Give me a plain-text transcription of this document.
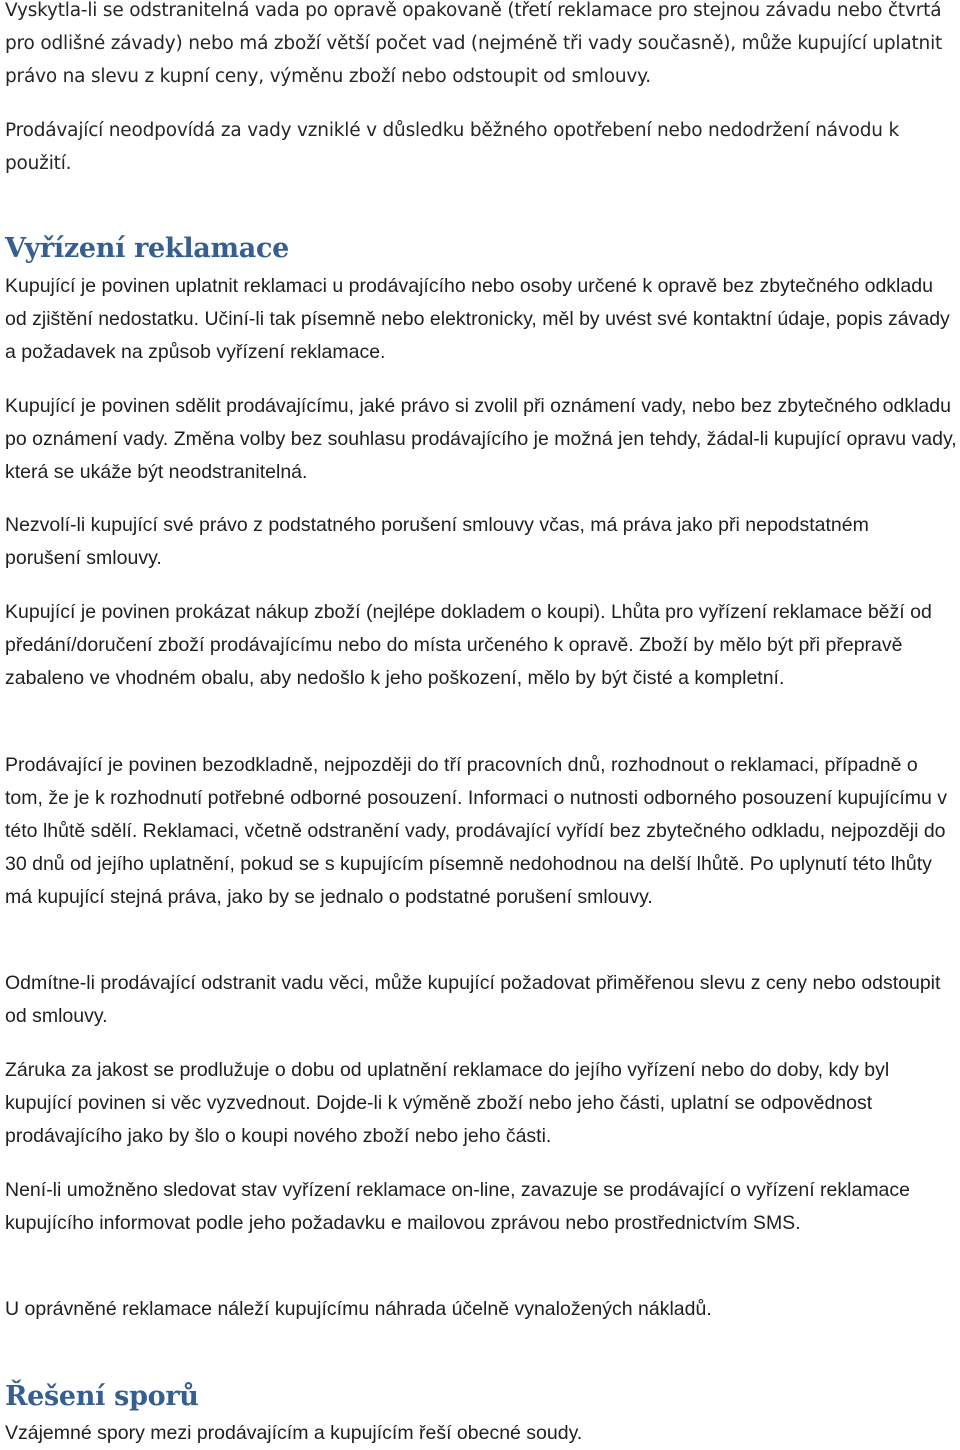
Vyskytla-li se odstranitelná vada po opravě opakovaně (třetí reklamace pro stejnou závadu nebo čtvrtá pro odlišné závady) nebo má zboží větší počet vad (nejméně tři vady současně), může kupující uplatnit právo na slevu z kupní ceny, výměnu zboží nebo odstoupit od smlouvy.

Prodávající neodpovídá za vady vzniklé v důsledku běžného opotřebení nebo nedodržení návodu k použití.

Vyřízení reklamace

Kupující je povinen uplatnit reklamaci u prodávajícího nebo osoby určené k opravě bez zbytečného odkladu od zjištění nedostatku. Učiní-li tak písemně nebo elektronicky, měl by uvést své kontaktní údaje, popis závady a požadavek na způsob vyřízení reklamace.

Kupující je povinen sdělit prodávajícímu, jaké právo si zvolil při oznámení vady, nebo bez zbytečného odkladu po oznámení vady. Změna volby bez souhlasu prodávajícího je možná jen tehdy, žádal-li kupující opravu vady, která se ukáže být neodstranitelná.

Nezvolí-li kupující své právo z podstatného porušení smlouvy včas, má práva jako při nepodstatném porušení smlouvy.

Kupující je povinen prokázat nákup zboží (nejlépe dokladem o koupi). Lhůta pro vyřízení reklamace běží od předání/doručení zboží prodávajícímu nebo do místa určeného k opravě. Zboží by mělo být při přepravě zabaleno ve vhodném obalu, aby nedošlo k jeho poškození, mělo by být čisté a kompletní.

Prodávající je povinen bezodkladně, nejpozději do tří pracovních dnů, rozhodnout o reklamaci, případně o tom, že je k rozhodnutí potřebné odborné posouzení. Informaci o nutnosti odborného posouzení kupujícímu v této lhůtě sdělí. Reklamaci, včetně odstranění vady, prodávající vyřídí bez zbytečného odkladu, nejpozději do 30 dnů od jejího uplatnění, pokud se s kupujícím písemně nedohodnou na delší lhůtě. Po uplynutí této lhůty má kupující stejná práva, jako by se jednalo o podstatné porušení smlouvy.

Odmítne-li prodávající odstranit vadu věci, může kupující požadovat přiměřenou slevu z ceny nebo odstoupit od smlouvy.

Záruka za jakost se prodlužuje o dobu od uplatnění reklamace do jejího vyřízení nebo do doby, kdy byl kupující povinen si věc vyzvednout. Dojde-li k výměně zboží nebo jeho části, uplatní se odpovědnost prodávajícího jako by šlo o koupi nového zboží nebo jeho části.

Není-li umožněno sledovat stav vyřízení reklamace on-line, zavazuje se prodávající o vyřízení reklamace kupujícího informovat podle jeho požadavku e mailovou zprávou nebo prostřednictvím SMS.

U oprávněné reklamace náleží kupujícímu náhrada účelně vynaložených nákladů.

Řešení sporů

Vzájemné spory mezi prodávajícím a kupujícím řeší obecné soudy.
